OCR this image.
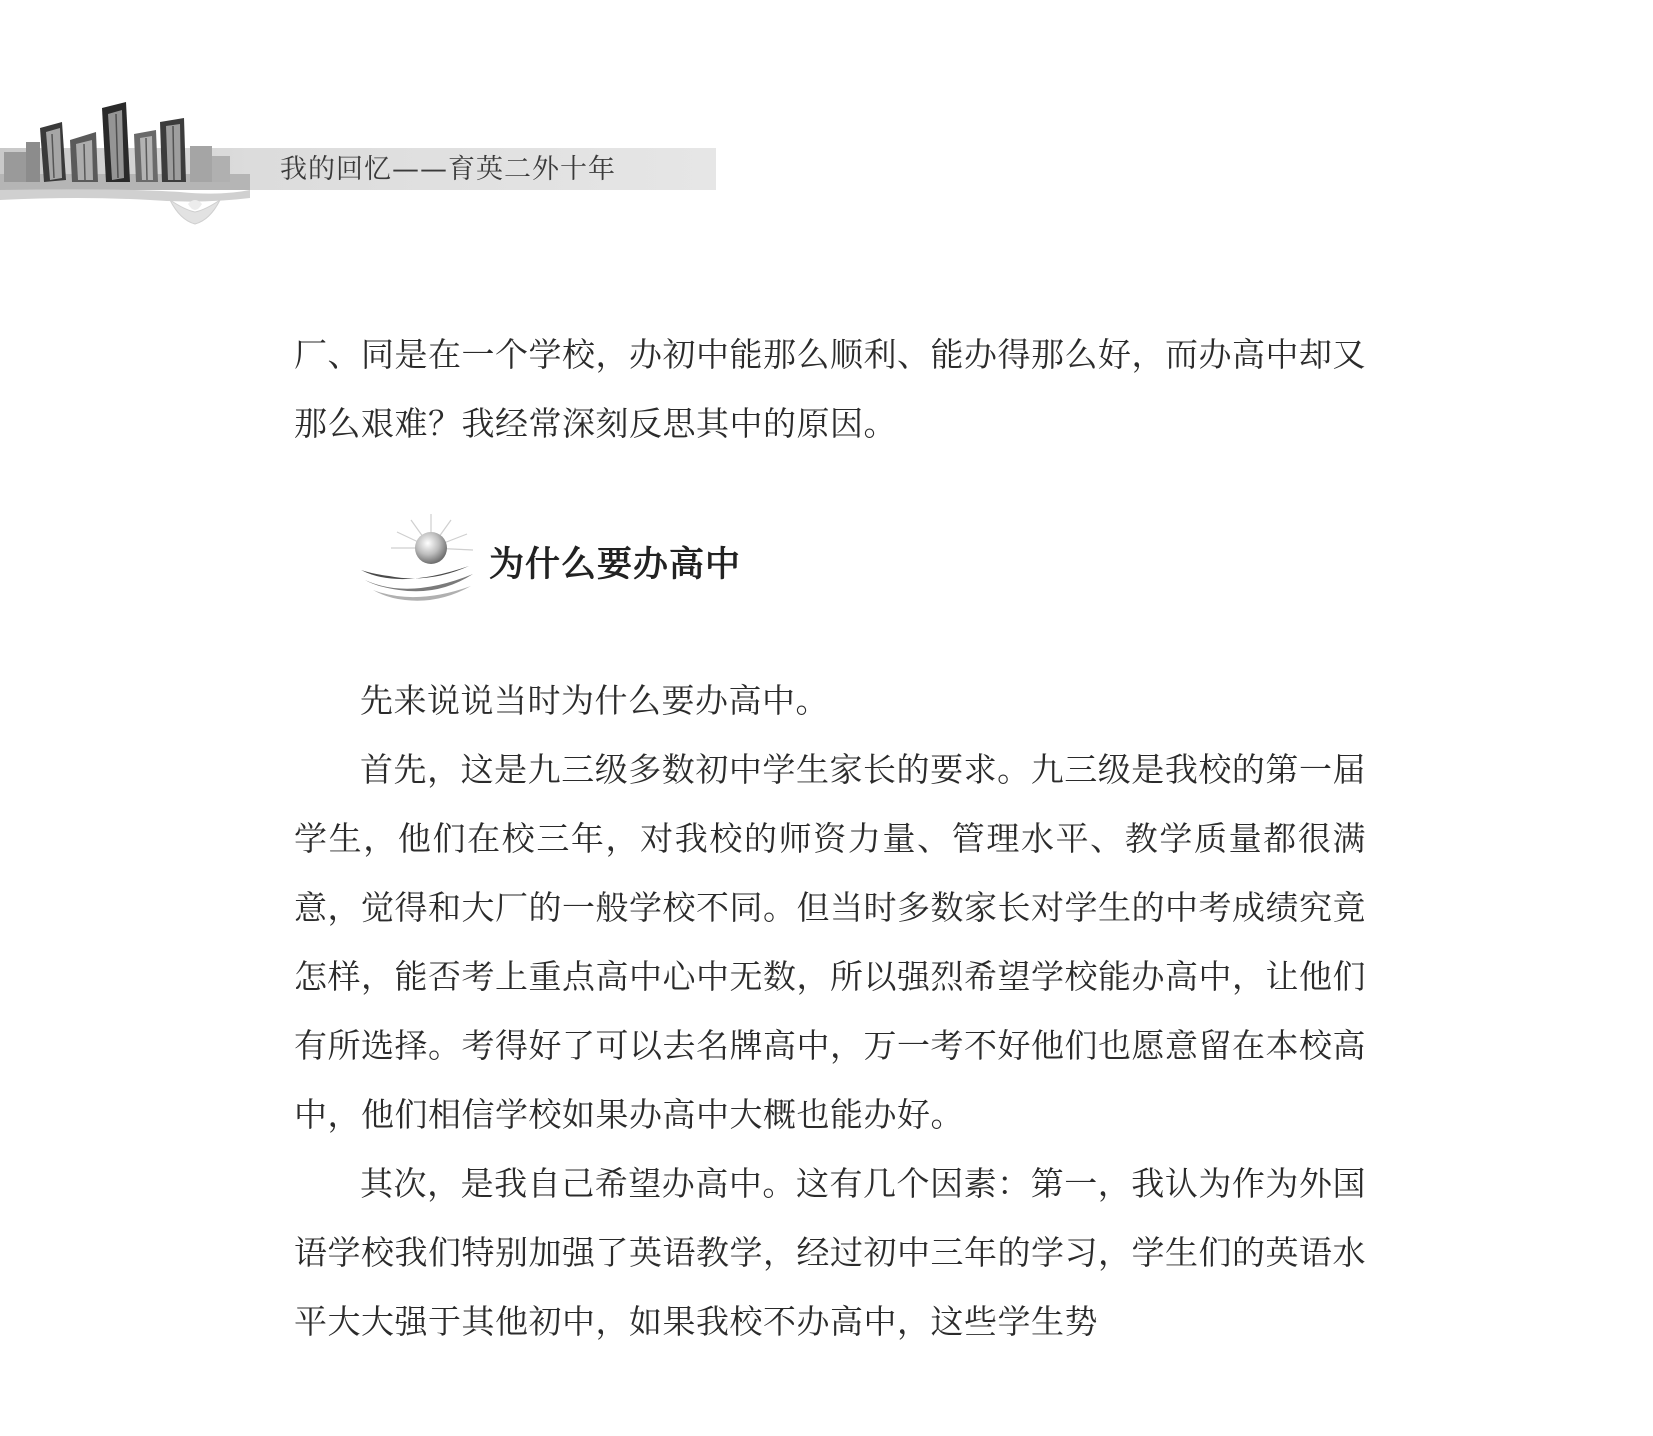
我的回忆——育英二外十年

厂、同是在一个学校，办初中能那么顺利、能办得那么好，而办高中却又那么艰难？我经常深刻反思其中的原因。

为什么要办高中

先来说说当时为什么要办高中。

首先，这是九三级多数初中学生家长的要求。九三级是我校的第一届学生，他们在校三年，对我校的师资力量、管理水平、教学质量都很满意，觉得和大厂的一般学校不同。但当时多数家长对学生的中考成绩究竟怎样，能否考上重点高中心中无数，所以强烈希望学校能办高中，让他们有所选择。考得好了可以去名牌高中，万一考不好他们也愿意留在本校高中，他们相信学校如果办高中大概也能办好。

其次，是我自己希望办高中。这有几个因素：第一，我认为作为外国语学校我们特别加强了英语教学，经过初中三年的学习，学生们的英语水平大大强于其他初中，如果我校不办高中，这些学生势
